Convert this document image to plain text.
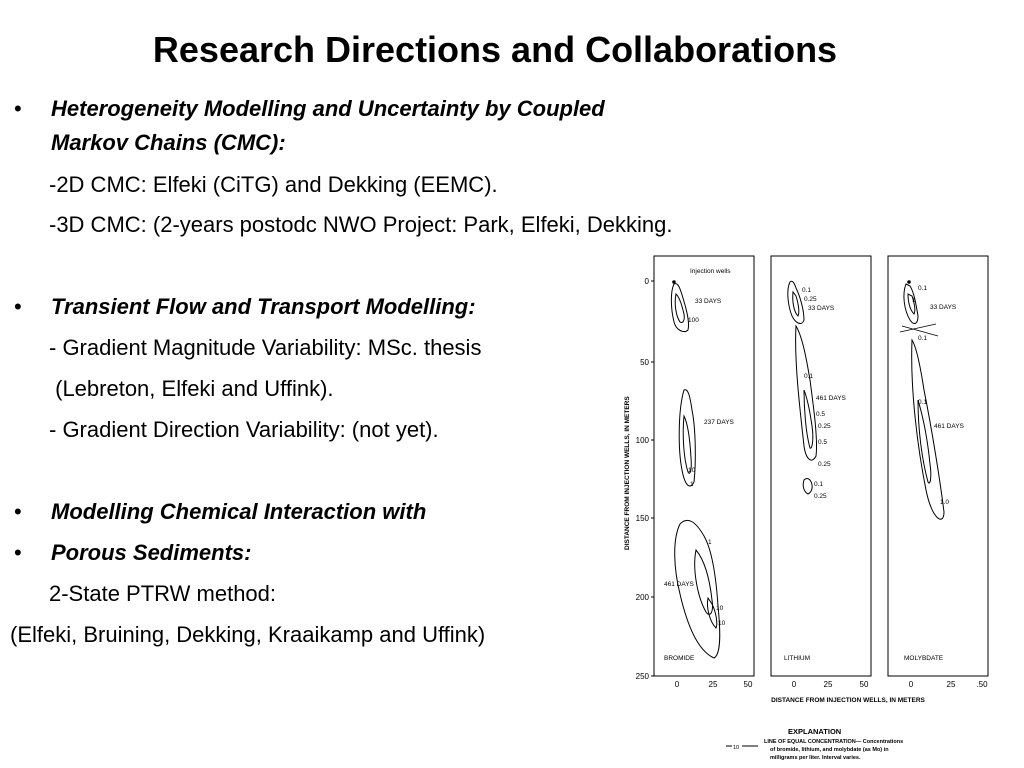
Research Directions and Collaborations
• Heterogeneity Modelling and Uncertainty by Coupled
Markov Chains (CMC):
-2D CMC: Elfeki (CiTG) and Dekking (EEMC).
-3D CMC: (2-years postodc NWO Project: Park, Elfeki, Dekking.
• Transient Flow and Transport Modelling:
- Gradient Magnitude Variability: MSc. thesis
(Lebreton, Elfeki and Uffink).
- Gradient Direction Variability: (not yet).
• Modelling Chemical Interaction with
• Porous Sediments:
2-State PTRW method:
(Elfeki, Bruining, Dekking, Kraaikamp and Uffink)
0
50
100
150
200
250
DISTANCE FROM INJECTION WELLS, IN METERS
0	25	50	0	25	50	0	25	.50
DISTANCE FROM INJECTION WELLS, IN METERS
Injection wells
33 DAYS
100
237 DAYS
10
1
461 DAYS
1
10
10
BROMIDE
0.1
0.25
33 DAYS
0.1
461 DAYS
0.5
0.25
0.5
0.25
0.1
0.25
LITHIUM
0.1
1
33 DAYS
0.1
0.1
461 DAYS
1.0
MOLYBDATE
EXPLANATION
10
LINE OF EQUAL CONCENTRATION— Concentrations
of bromide, lithium, and molybdate (as Mo) in
milligrams per liter. Interval varies.
